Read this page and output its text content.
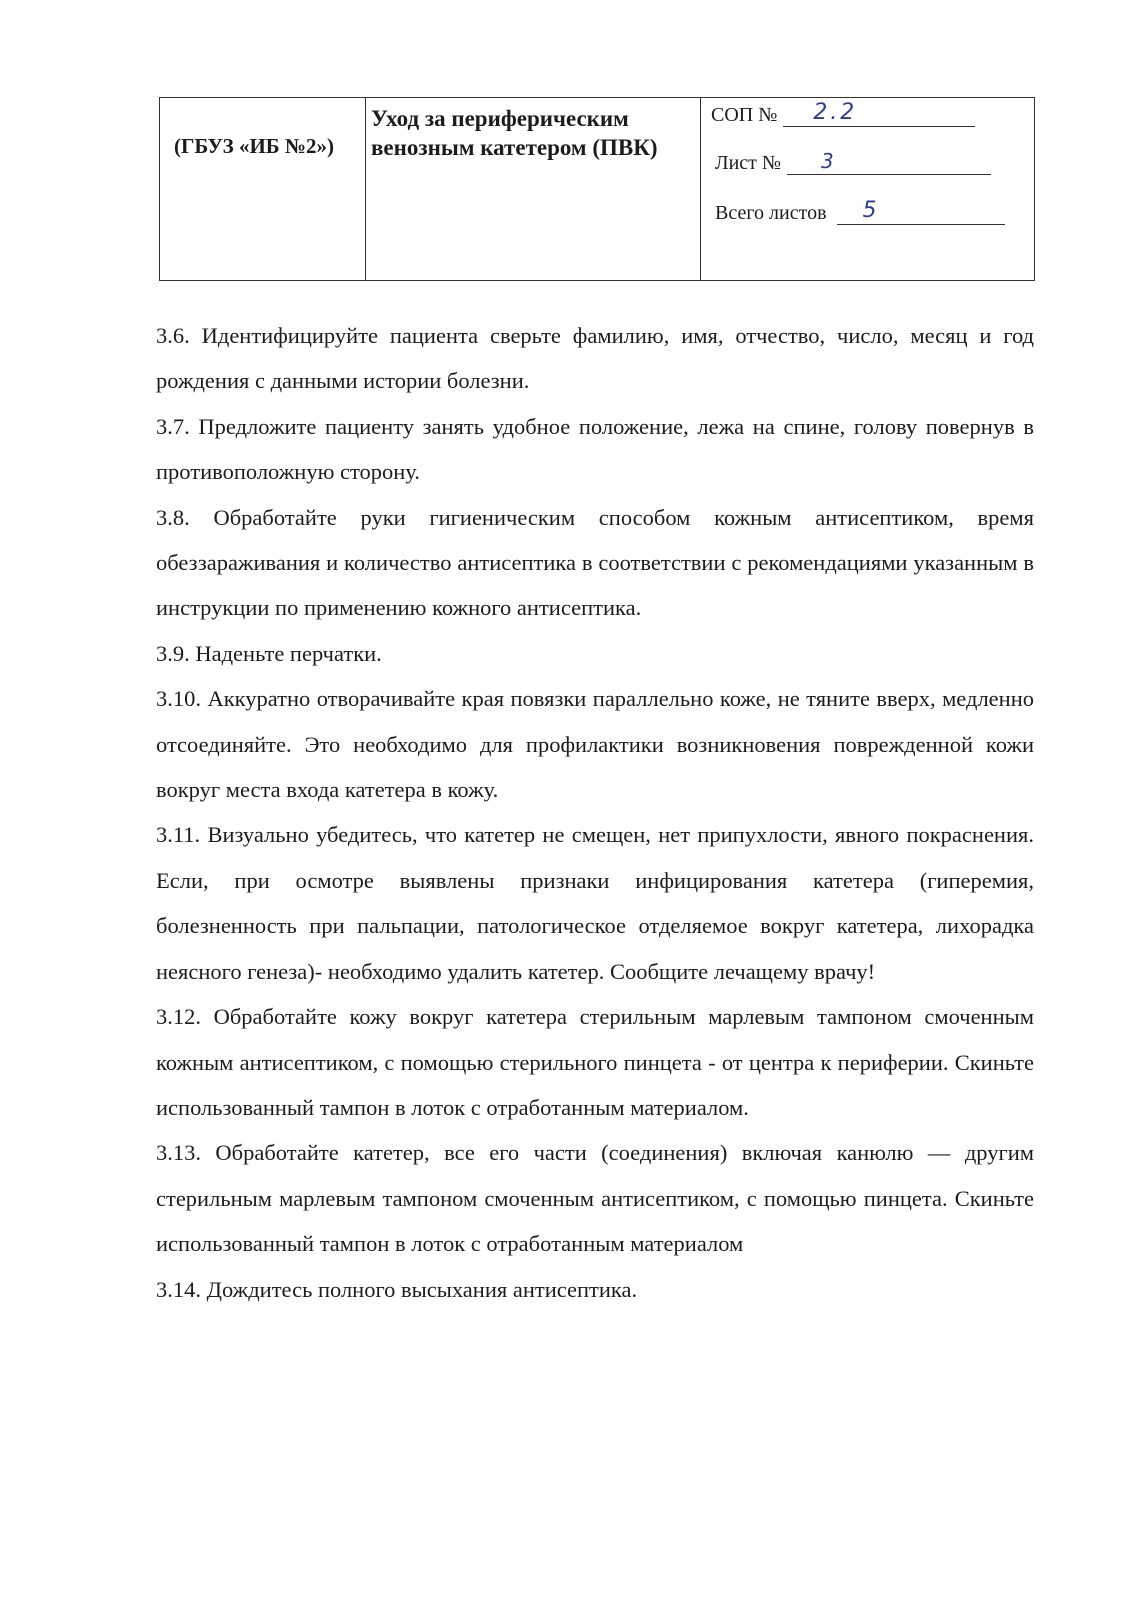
(ГБУЗ «ИБ №2»)
Уход за периферическим венозным катетером (ПВК)
СОП № 2.2
Лист № 3
Всего листов 5

3.6. Идентифицируйте пациента сверьте фамилию, имя, отчество, число, месяц и год рождения с данными истории болезни.

3.7. Предложите пациенту занять удобное положение, лежа на спине, голову повернув в противоположную сторону.

3.8. Обработайте руки гигиеническим способом кожным антисептиком, время обеззараживания и количество антисептика в соответствии с рекомендациями указанным в инструкции по применению кожного антисептика.

3.9. Наденьте перчатки.

3.10. Аккуратно отворачивайте края повязки параллельно коже, не тяните вверх, медленно отсоединяйте. Это необходимо для профилактики возникновения поврежденной кожи вокруг места входа катетера в кожу.

3.11. Визуально убедитесь, что катетер не смещен, нет припухлости, явного покраснения. Если, при осмотре выявлены признаки инфицирования катетера (гиперемия, болезненность при пальпации, патологическое отделяемое вокруг катетера, лихорадка неясного генеза)- необходимо удалить катетер. Сообщите лечащему врачу!

3.12. Обработайте кожу вокруг катетера стерильным марлевым тампоном смоченным кожным антисептиком, с помощью стерильного пинцета - от центра к периферии. Скиньте использованный тампон в лоток с отработанным материалом.

3.13. Обработайте катетер, все его части (соединения) включая канюлю — другим стерильным марлевым тампоном смоченным антисептиком, с помощью пинцета. Скиньте использованный тампон в лоток с отработанным материалом

3.14. Дождитесь полного высыхания антисептика.
